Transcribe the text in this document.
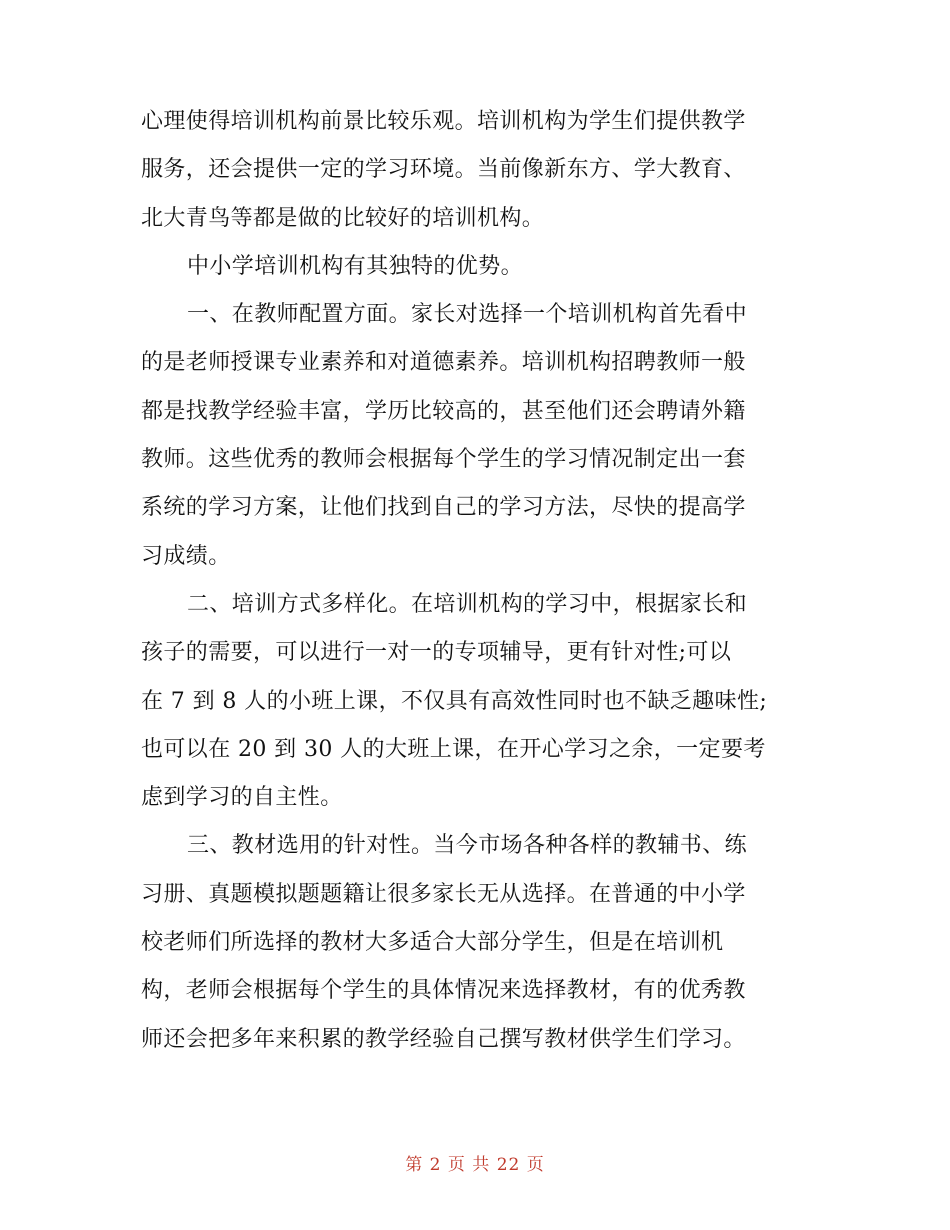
心理使得培训机构前景比较乐观。培训机构为学生们提供教学
服务，还会提供一定的学习环境。当前像新东方、学大教育、
北大青鸟等都是做的比较好的培训机构。
中小学培训机构有其独特的优势。
一、在教师配置方面。家长对选择一个培训机构首先看中
的是老师授课专业素养和对道德素养。培训机构招聘教师一般
都是找教学经验丰富，学历比较高的，甚至他们还会聘请外籍
教师。这些优秀的教师会根据每个学生的学习情况制定出一套
系统的学习方案，让他们找到自己的学习方法，尽快的提高学
习成绩。
二、培训方式多样化。在培训机构的学习中，根据家长和
孩子的需要，可以进行一对一的专项辅导，更有针对性;可以
在 7 到 8 人的小班上课，不仅具有高效性同时也不缺乏趣味性;
也可以在 20 到 30 人的大班上课，在开心学习之余，一定要考
虑到学习的自主性。
三、教材选用的针对性。当今市场各种各样的教辅书、练
习册、真题模拟题题籍让很多家长无从选择。在普通的中小学
校老师们所选择的教材大多适合大部分学生，但是在培训机
构，老师会根据每个学生的具体情况来选择教材，有的优秀教
师还会把多年来积累的教学经验自己撰写教材供学生们学习。
第 2 页 共 22 页
